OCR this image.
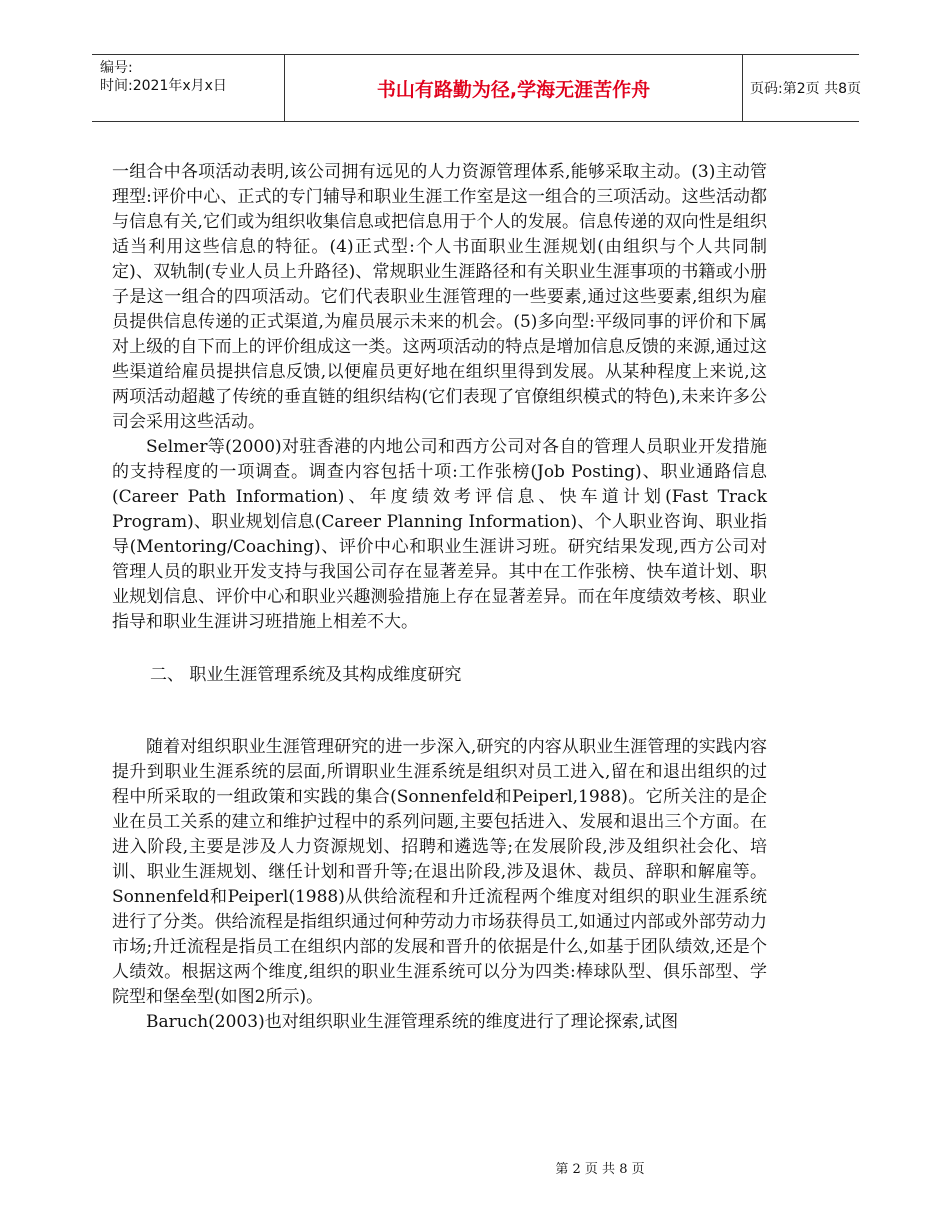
编号:
时间:2021年x月x日	书山有路勤为径,学海无涯苦作舟	页码:第2页 共8页

一组合中各项活动表明,该公司拥有远见的人力资源管理体系,能够采取主动。(3)主动管理型:评价中心、正式的专门辅导和职业生涯工作室是这一组合的三项活动。这些活动都与信息有关,它们或为组织收集信息或把信息用于个人的发展。信息传递的双向性是组织适当利用这些信息的特征。(4)正式型:个人书面职业生涯规划(由组织与个人共同制定)、双轨制(专业人员上升路径)、常规职业生涯路径和有关职业生涯事项的书籍或小册子是这一组合的四项活动。它们代表职业生涯管理的一些要素,通过这些要素,组织为雇员提供信息传递的正式渠道,为雇员展示未来的机会。(5)多向型:平级同事的评价和下属对上级的自下而上的评价组成这一类。这两项活动的特点是增加信息反馈的来源,通过这些渠道给雇员提拱信息反馈,以便雇员更好地在组织里得到发展。从某种程度上来说,这两项活动超越了传统的垂直链的组织结构(它们表现了官僚组织模式的特色),未来许多公司会采用这些活动。

Selmer等(2000)对驻香港的内地公司和西方公司对各自的管理人员职业开发措施的支持程度的一项调查。调查内容包括十项:工作张榜(Job Posting)、职业通路信息(Career Path Information)、年度绩效考评信息、快车道计划(Fast Track Program)、职业规划信息(Career Planning Information)、个人职业咨询、职业指导(Mentoring/Coaching)、评价中心和职业生涯讲习班。研究结果发现,西方公司对管理人员的职业开发支持与我国公司存在显著差异。其中在工作张榜、快车道计划、职业规划信息、评价中心和职业兴趣测验措施上存在显著差异。而在年度绩效考核、职业指导和职业生涯讲习班措施上相差不大。

二、 职业生涯管理系统及其构成维度研究

随着对组织职业生涯管理研究的进一步深入,研究的内容从职业生涯管理的实践内容提升到职业生涯系统的层面,所谓职业生涯系统是组织对员工进入,留在和退出组织的过程中所采取的一组政策和实践的集合(Sonnenfeld和Peiperl,1988)。它所关注的是企业在员工关系的建立和维护过程中的系列问题,主要包括进入、发展和退出三个方面。在进入阶段,主要是涉及人力资源规划、招聘和遴选等;在发展阶段,涉及组织社会化、培训、职业生涯规划、继任计划和晋升等;在退出阶段,涉及退休、裁员、辞职和解雇等。Sonnenfeld和Peiperl(1988)从供给流程和升迁流程两个维度对组织的职业生涯系统进行了分类。供给流程是指组织通过何种劳动力市场获得员工,如通过内部或外部劳动力市场;升迁流程是指员工在组织内部的发展和晋升的依据是什么,如基于团队绩效,还是个人绩效。根据这两个维度,组织的职业生涯系统可以分为四类:棒球队型、俱乐部型、学院型和堡垒型(如图2所示)。

Baruch(2003)也对组织职业生涯管理系统的维度进行了理论探索,试图

第 2 页 共 8 页
